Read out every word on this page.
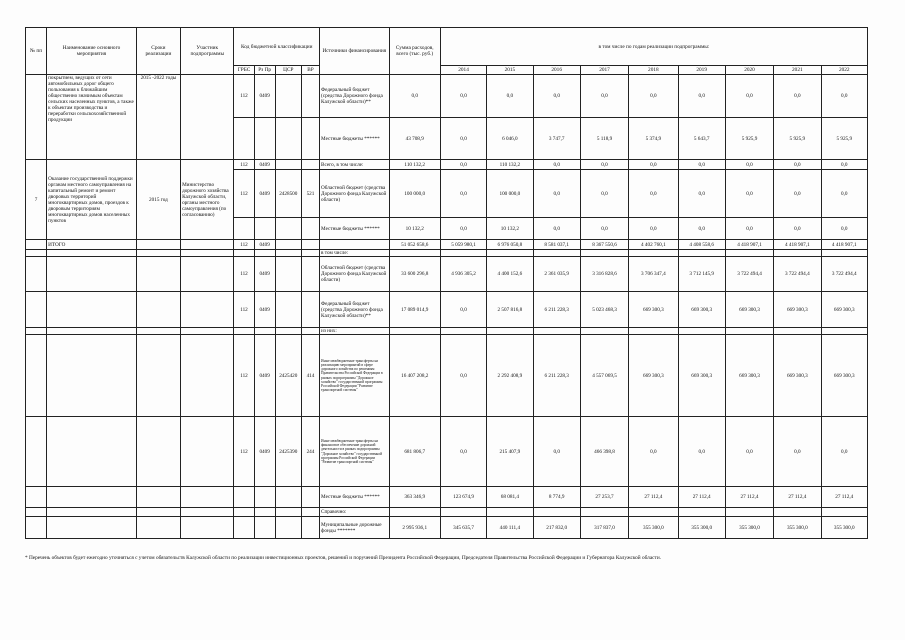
№ пп	Наименование основного мероприятия	Сроки реализации	Участник подпрограммы	Код бюджетной классификации				Источники финансирования	Сумма расходов, всего (тыс. руб.)	в том числе по годам реализации подпрограммы:								
				ГРБС	Рз Пр	ЦСР	ВР			2014	2015	2016	2017	2018	2019	2020	2021	2022
	покрытием, ведущих от сети автомобильных дорог общего пользования к ближайшим общественно значимым объектам сельских населенных пунктов, а также к объектам производства и переработки сельскохозяйственной продукции	2015 -2022 годы		112	0409			Федеральный бюджет (средства Дорожного фонда Калужской области)**	0,0	0,0	0,0	0,0	0,0	0,0	0,0	0,0	0,0	0,0
								Местные бюджеты ******	43 708,9	0,0	6 046,0	3 747,7	5 118,9	5 374,9	5 643,7	5 925,9	5 925,9	5 925,9
7	Оказание государственной поддержки органам местного самоуправления на капитальный ремонт и ремонт дворовых территорий многоквартирных домов, проездов к дворовым территориям многоквартирных домов населенных пунктов	2015 год	Министерство дорожного хозяйства Калужской области, органы местного самоуправления (по согласованию)	112	0409			Всего, в том числе:	110 132,2	0,0	110 132,2	0,0	0,0	0,0	0,0	0,0	0,0	0,0
				112	0409	2428500	521	Областной бюджет (средства Дорожного фонда Калужской области)	100 000,0	0,0	100 000,0	0,0	0,0	0,0	0,0	0,0	0,0	0,0
								Местные бюджеты ******	10 132,2	0,0	10 132,2	0,0	0,0	0,0	0,0	0,0	0,0	0,0
	ИТОГО			112	0409				51 052 658,6	5 059 980,1	6 976 050,8	8 581 037,1	8 367 550,6	4 402 760,1	4 408 558,6	4 418 907,1	4 418 907,1	4 418 907,1
								в том числе:										
				112	0409			Областной бюджет (средства Дорожного фонда Калужской области)	33 600 296,8	4 936 305,2	4 400 152,6	2 361 035,9	3 316 828,6	3 706 347,4	3 712 145,9	3 722 494,4	3 722 494,4	3 722 494,4
				112	0409			Федеральный бюджет (средства Дорожного фонда Калужской области)**	17 089 014,9	0,0	2 507 816,8	6 211 228,3	5 023 468,3	669 300,3	669 300,3	669 300,3	669 300,3	669 300,3
								из них:										
				112	0409	2425420	414	Иные межбюджетные трансферты на реализацию мероприятий в сфере дорожного хозяйства по решениям Правительства Российской Федерации в рамках подпрограммы "Дорожное хозяйство" государственной программы Российской Федерации "Развитие транспортной системы"	16 407 208,2	0,0	2 292 408,9	6 211 228,3	4 557 069,5	669 300,3	669 300,3	669 300,3	669 300,3	669 300,3
				112	0409	2425390	244	Иные межбюджетные трансферты на финансовое обеспечение дорожной деятельности в рамках подпрограммы "Дорожное хозяйство" государственной программы Российской Федерации "Развитие транспортной системы"	681 806,7	0,0	215 407,9	0,0	466 398,8	0,0	0,0	0,0	0,0	0,0
								Местные бюджеты ******	363 346,9	123 674,9	68 081,4	8 774,9	27 253,7	27 112,4	27 112,4	27 112,4	27 112,4	27 112,4
								Справочно:										
								Муниципальные дорожные фонды *******	2 995 936,1	345 635,7	440 111,4	217 832,0	317 837,0	355 300,0	355 300,0	355 300,0	355 300,0	355 300,0
* Перечень объектов будет ежегодно уточняться с учетом обязательств Калужской области по реализации инвестиционных проектов, решений и поручений Президента Российской Федерации, Председателя Правительства Российской Федерации и Губернатора Калужской области.
